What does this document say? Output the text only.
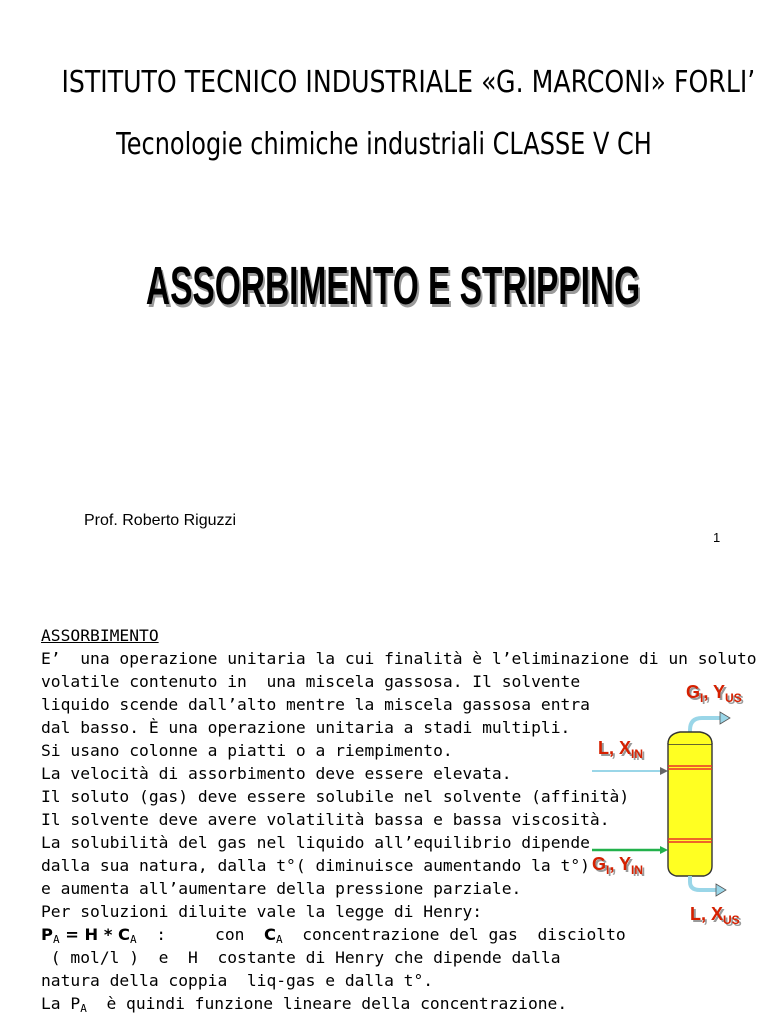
ISTITUTO TECNICO INDUSTRIALE «G. MARCONI» FORLI’
Tecnologie chimiche industriali CLASSE V CH
ASSORBIMENTO E STRIPPING
Prof. Roberto Riguzzi
1
ASSORBIMENTO
E’  una operazione unitaria la cui finalità è l’eliminazione di un soluto
volatile contenuto in  una miscela gassosa. Il solvente
liquido scende dall’alto mentre la miscela gassosa entra
dal basso. È una operazione unitaria a stadi multipli.
Si usano colonne a piatti o a riempimento.
La velocità di assorbimento deve essere elevata.
Il soluto (gas) deve essere solubile nel solvente (affinità)
Il solvente deve avere volatilità bassa e bassa viscosità.
La solubilità del gas nel liquido all’equilibrio dipende
dalla sua natura, dalla t°( diminuisce aumentando la t°)
e aumenta all’aumentare della pressione parziale.
Per soluzioni diluite vale la legge di Henry:
$P_A = H * C_A$  :     con  $C_A$  concentrazione del gas  disciolto
( mol/l )  e  H  costante di Henry che dipende dalla
natura della coppia  liq-gas e dalla t°.
La $P_A$  è quindi funzione lineare della concentrazione.
$G_I$, $Y_{US}$
L, $X_{IN}$
$G_I$, $Y_{IN}$
L, $X_{US}$
